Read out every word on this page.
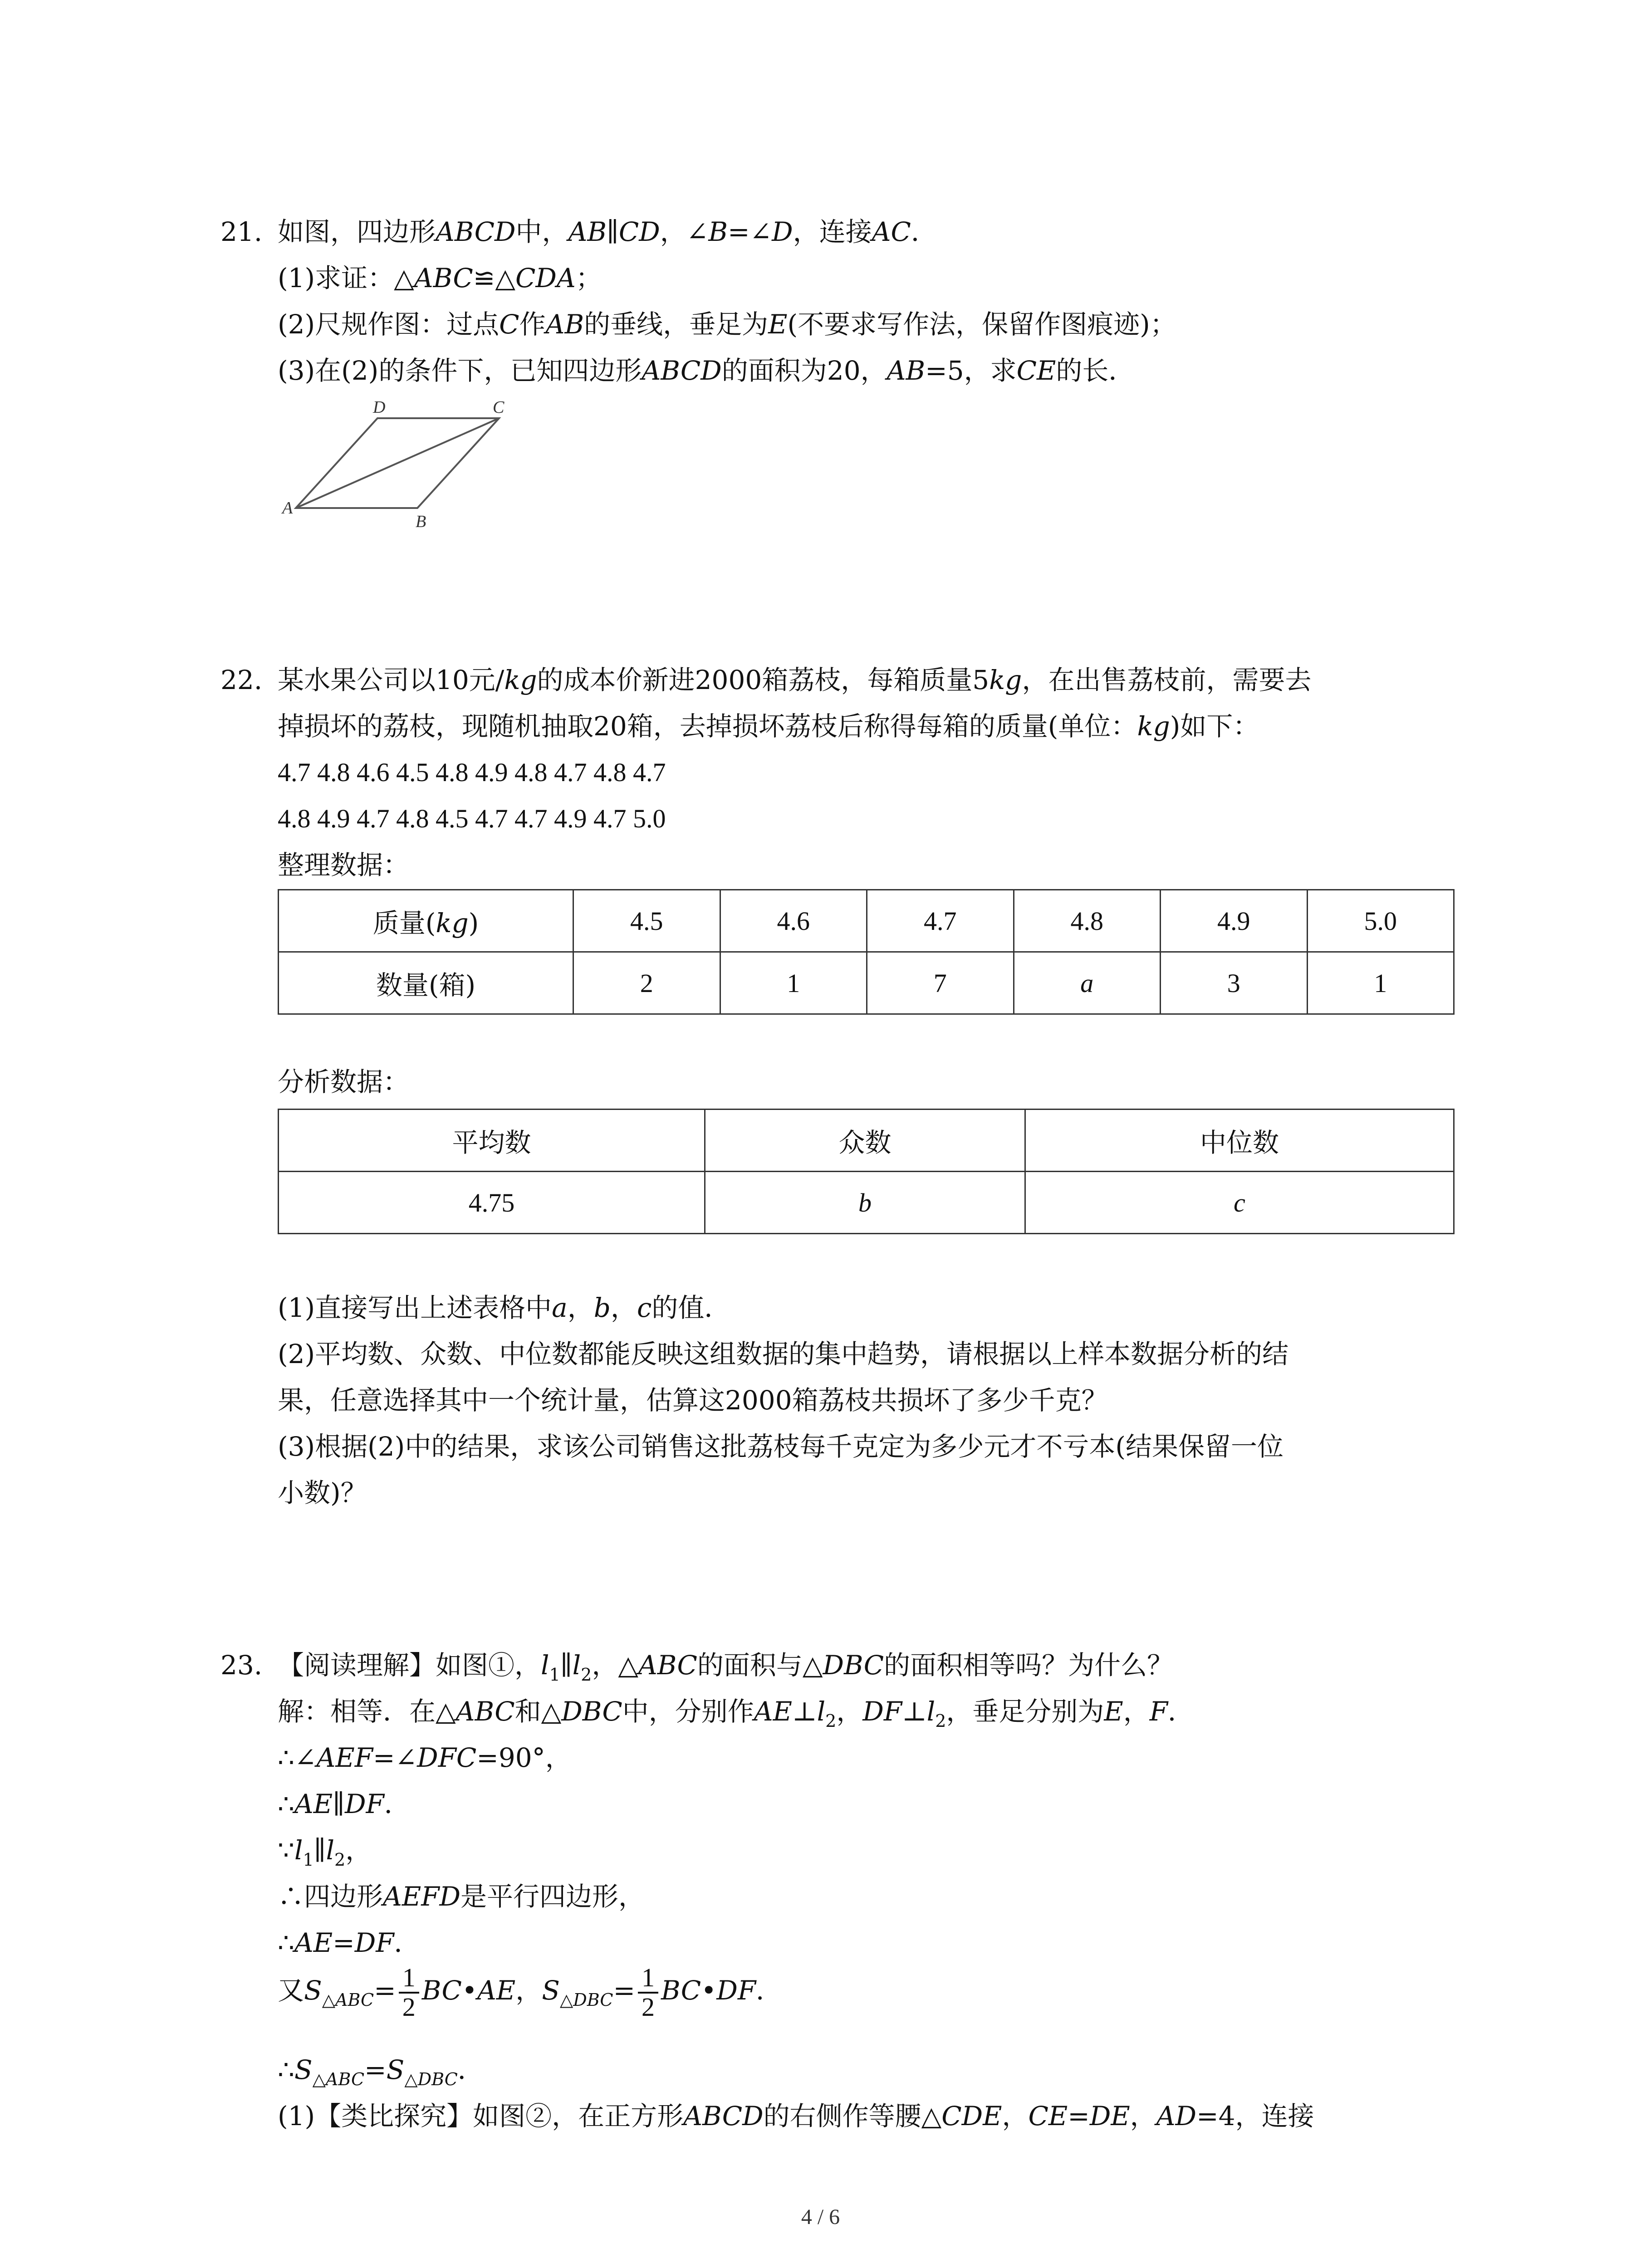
21. 如图，四边形ABCD中，AB∥CD，∠B=∠D，连接AC．
(1)求证：△ABC≌△CDA；
(2)尺规作图：过点C作AB的垂线，垂足为E(不要求写作法，保留作图痕迹)；
(3)在(2)的条件下，已知四边形ABCD的面积为20，AB=5，求CE的长．
A
B
C
D
22. 某水果公司以10元/kg的成本价新进2000箱荔枝，每箱质量5kg，在出售荔枝前，需要去
掉损坏的荔枝，现随机抽取20箱，去掉损坏荔枝后称得每箱的质量(单位：kg)如下：
4.7 4.8 4.6 4.5 4.8 4.9 4.8 4.7 4.8 4.7
4.8 4.9 4.7 4.8 4.5 4.7 4.7 4.9 4.7 5.0
整理数据：
质量(kg)	4.5	4.6	4.7	4.8	4.9	5.0
数量(箱)	2	1	7	a	3	1
分析数据：
平均数	众数	中位数
4.75	b	c
(1)直接写出上述表格中a，b，c的值．
(2)平均数、众数、中位数都能反映这组数据的集中趋势，请根据以上样本数据分析的结
果，任意选择其中一个统计量，估算这2000箱荔枝共损坏了多少千克？
(3)根据(2)中的结果，求该公司销售这批荔枝每千克定为多少元才不亏本(结果保留一位
小数)？
23. 【阅读理解】如图①，$l_1\parallel l_2$，△ABC的面积与△DBC的面积相等吗？为什么？
解：相等．在△ABC和△DBC中，分别作$AE\perp l_2$，$DF\perp l_2$，垂足分别为E，F．
∴∠AEF=∠DFC=90°，
∴AE∥DF．
$\because l_1\parallel l_2$，
∴四边形AEFD是平行四边形，
∴AE=DF．
又$S_{\triangle ABC}= \frac{1}{2}$ BC•AE，$S_{\triangle DBC}= \frac{1}{2}$ BC•DF．
$\therefore S_{\triangle ABC}=S_{\triangle DBC}$．
(1)【类比探究】如图②，在正方形ABCD的右侧作等腰△CDE，CE=DE，AD=4，连接
4 / 6
